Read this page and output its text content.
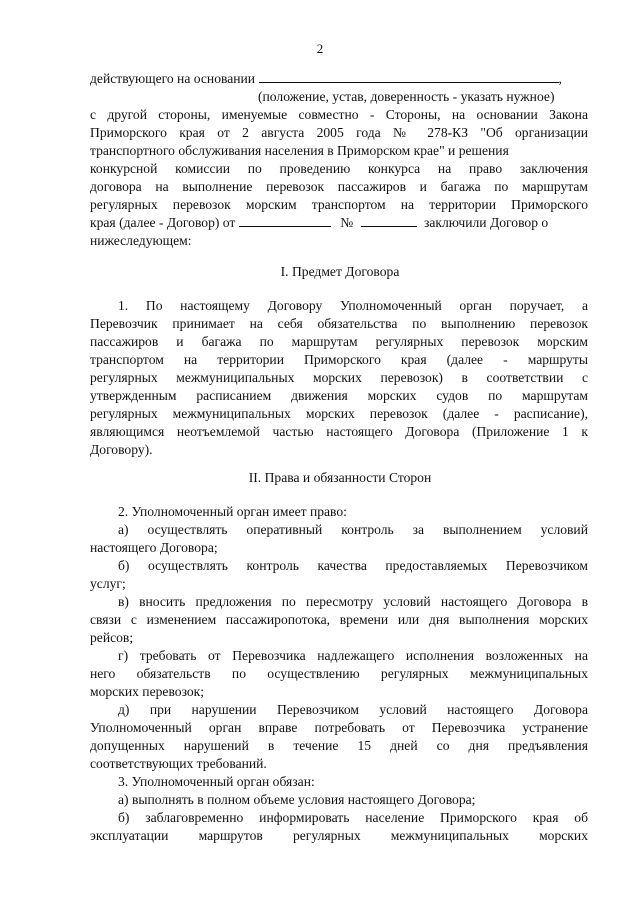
2
действующего на основании	,
(положение, устав, доверенность - указать нужное)
с другой стороны, именуемые совместно - Стороны, на основании Закона
Приморского края от 2 августа 2005 года № 278-КЗ "Об организации
транспортного обслуживания населения в Приморском крае" и решения
конкурсной комиссии по проведению конкурса на право заключения
договора на выполнение перевозок пассажиров и багажа по маршрутам
регулярных перевозок морским транспортом на территории Приморского
края (далее - Договор) от	№	заключили Договор о
нижеследующем:
I. Предмет Договора
1. По настоящему Договору Уполномоченный орган поручает, а
Перевозчик принимает на себя обязательства по выполнению перевозок
пассажиров и багажа по маршрутам регулярных перевозок морским
транспортом на территории Приморского края (далее - маршруты
регулярных межмуниципальных морских перевозок) в соответствии с
утвержденным расписанием движения морских судов по маршрутам
регулярных межмуниципальных морских перевозок (далее - расписание),
являющимся неотъемлемой частью настоящего Договора (Приложение 1 к
Договору).
II. Права и обязанности Сторон
2. Уполномоченный орган имеет право:
а) осуществлять оперативный контроль за выполнением условий
настоящего Договора;
б) осуществлять контроль качества предоставляемых Перевозчиком
услуг;
в) вносить предложения по пересмотру условий настоящего Договора в
связи с изменением пассажиропотока, времени или дня выполнения морских
рейсов;
г) требовать от Перевозчика надлежащего исполнения возложенных на
него обязательств по осуществлению регулярных межмуниципальных
морских перевозок;
д) при нарушении Перевозчиком условий настоящего Договора
Уполномоченный орган вправе потребовать от Перевозчика устранение
допущенных нарушений в течение 15 дней со дня предъявления
соответствующих требований.
3. Уполномоченный орган обязан:
а) выполнять в полном объеме условия настоящего Договора;
б) заблаговременно информировать население Приморского края об
эксплуатации маршрутов регулярных межмуниципальных морских
